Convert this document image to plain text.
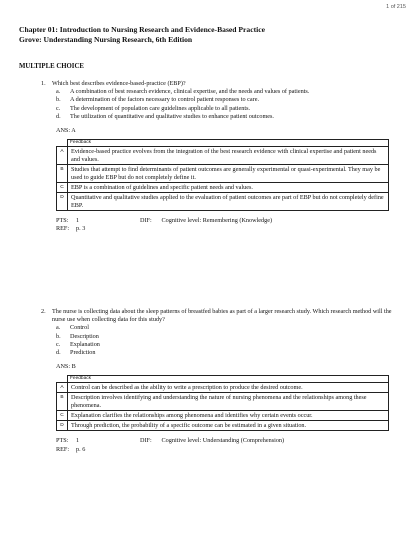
1 of 215
Chapter 01: Introduction to Nursing Research and Evidence-Based Practice
Grove: Understanding Nursing Research, 6th Edition
MULTIPLE CHOICE
1. Which best describes evidence-based-practice (EBP)?
a. A combination of best research evidence, clinical expertise, and the needs and values of patients.
b. A determination of the factors necessary to control patient responses to care.
c. The development of population care guidelines applicable to all patients.
d. The utilization of quantitative and qualitative studies to enhance patient outcomes.
ANS: A
	Feedback
A	Evidence-based practice evolves from the integration of the best research evidence with clinical expertise and patient needs and values.
B	Studies that attempt to find determinants of patient outcomes are generally experimental or quasi-experimental. They may be used to guide EBP but do not completely define it.
C	EBP is a combination of guidelines and specific patient needs and values.
D	Quantitative and qualitative studies applied to the evaluation of patient outcomes are part of EBP but do not completely define EBP.
PTS: 1	DIF: Cognitive level: Remembering (Knowledge)
REF: p. 3
2. The nurse is collecting data about the sleep patterns of breastfed babies as part of a larger research study. Which research method will the nurse use when collecting data for this study?
a. Control
b. Description
c. Explanation
d. Prediction
ANS: B
	Feedback
A	Control can be described as the ability to write a prescription to produce the desired outcome.
B	Description involves identifying and understanding the nature of nursing phenomena and the relationships among these phenomena.
C	Explanation clarifies the relationships among phenomena and identifies why certain events occur.
D	Through prediction, the probability of a specific outcome can be estimated in a given situation.
PTS: 1	DIF: Cognitive level: Understanding (Comprehension)
REF: p. 6
